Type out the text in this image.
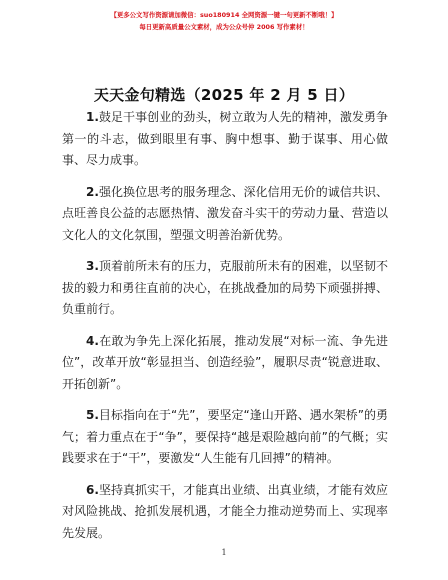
【更多公文写作资源请加微信：suo180914 全网资源一键一句更新不断哦！】
每日更新高质量公文素材，成为公众号仲 2006 写作素材！
天天金句精选（2025 年 2 月 5 日）

1.鼓足干事创业的劲头，树立敢为人先的精神，激发勇争第一的斗志，做到眼里有事、胸中想事、勤于谋事、用心做事、尽力成事。

2.强化换位思考的服务理念、深化信用无价的诚信共识、点旺善良公益的志愿热情、激发奋斗实干的劳动力量、营造以文化人的文化氛围，塑强文明善治新优势。

3.顶着前所未有的压力，克服前所未有的困难，以坚韧不拔的毅力和勇往直前的决心，在挑战叠加的局势下顽强拼搏、负重前行。

4.在敢为争先上深化拓展，推动发展“对标一流、争先进位”，改革开放“彰显担当、创造经验”，履职尽责“锐意进取、开拓创新”。

5.目标指向在于“先”，要坚定“逢山开路、遇水架桥”的勇气；着力重点在于“争”，要保持“越是艰险越向前”的气概；实践要求在于“干”，要激发“人生能有几回搏”的精神。

6.坚持真抓实干，才能真出业绩、出真业绩，才能有效应对风险挑战、抢抓发展机遇，才能全力推动逆势而上、实现率先发展。

1
